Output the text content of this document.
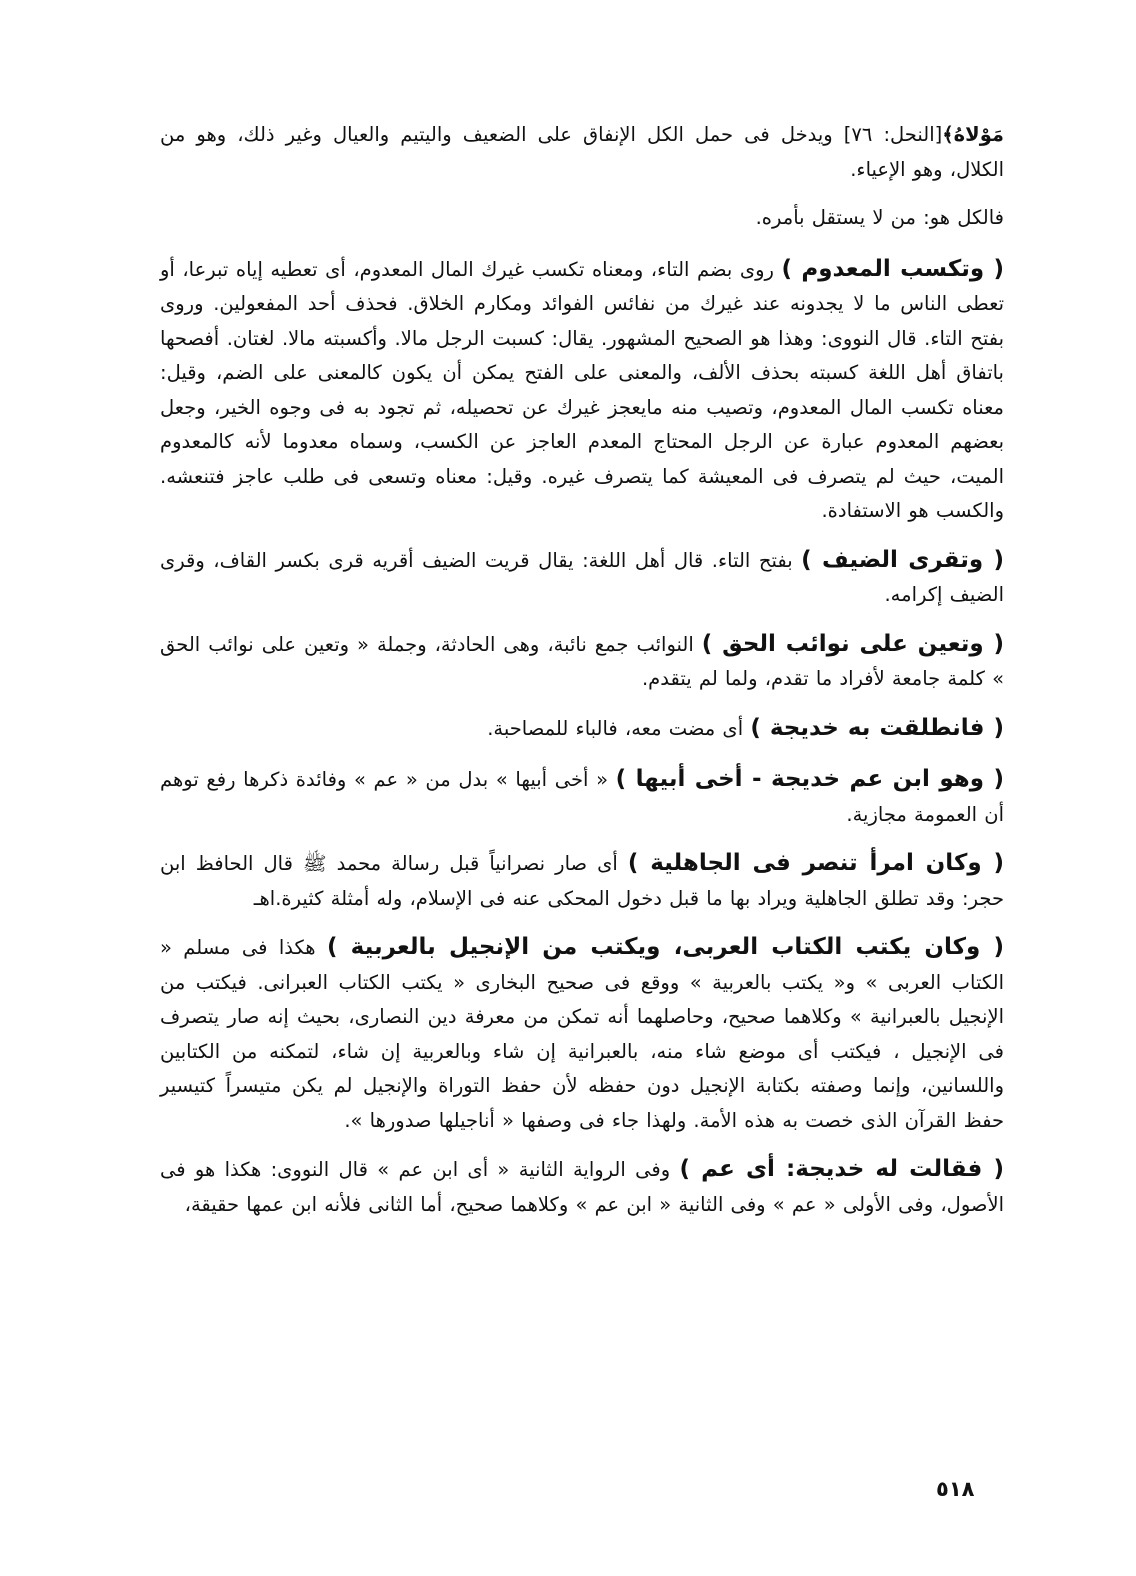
مَوْلاهُ﴾[النحل: ٧٦] ويدخل فى حمل الكل الإنفاق على الضعيف واليتيم والعيال وغير ذلك، وهو من الكلال، وهو الإعياء.

فالكل هو: من لا يستقل بأمره.

( وتكسب المعدوم ) روى بضم التاء، ومعناه تكسب غيرك المال المعدوم، أى تعطيه إياه تبرعا، أو تعطى الناس ما لا يجدونه عند غيرك من نفائس الفوائد ومكارم الخلاق. فحذف أحد المفعولين. وروى بفتح التاء. قال النووى: وهذا هو الصحيح المشهور. يقال: كسبت الرجل مالا. وأكسبته مالا. لغتان. أفصحها باتفاق أهل اللغة كسبته بحذف الألف، والمعنى على الفتح يمكن أن يكون كالمعنى على الضم، وقيل: معناه تكسب المال المعدوم، وتصيب منه مايعجز غيرك عن تحصيله، ثم تجود به فى وجوه الخير، وجعل بعضهم المعدوم عبارة عن الرجل المحتاج المعدم العاجز عن الكسب، وسماه معدوما لأنه كالمعدوم الميت، حيث لم يتصرف فى المعيشة كما يتصرف غيره. وقيل: معناه وتسعى فى طلب عاجز فتنعشه. والكسب هو الاستفادة.

( وتقرى الضيف ) بفتح التاء. قال أهل اللغة: يقال قريت الضيف أقريه قرى بكسر القاف، وقرى الضيف إكرامه.

( وتعين على نوائب الحق ) النوائب جمع نائبة، وهى الحادثة، وجملة « وتعين على نوائب الحق » كلمة جامعة لأفراد ما تقدم، ولما لم يتقدم.

( فانطلقت به خديجة ) أى مضت معه، فالباء للمصاحبة.

( وهو ابن عم خديجة - أخى أبيها ) « أخى أبيها » بدل من « عم » وفائدة ذكرها رفع توهم أن العمومة مجازية.

( وكان امرأ تنصر فى الجاهلية ) أى صار نصرانياً قبل رسالة محمد ﷺ قال الحافظ ابن حجر: وقد تطلق الجاهلية ويراد بها ما قبل دخول المحكى عنه فى الإسلام، وله أمثلة كثيرة.اهـ

( وكان يكتب الكتاب العربى، ويكتب من الإنجيل بالعربية ) هكذا فى مسلم « الكتاب العربى » و« يكتب بالعربية » ووقع فى صحيح البخارى « يكتب الكتاب العبرانى. فيكتب من الإنجيل بالعبرانية » وكلاهما صحيح، وحاصلهما أنه تمكن من معرفة دين النصارى، بحيث إنه صار يتصرف فى الإنجيل ، فيكتب أى موضع شاء منه، بالعبرانية إن شاء وبالعربية إن شاء، لتمكنه من الكتابين واللسانين، وإنما وصفته بكتابة الإنجيل دون حفظه لأن حفظ التوراة والإنجيل لم يكن متيسراً كتيسير حفظ القرآن الذى خصت به هذه الأمة. ولهذا جاء فى وصفها « أناجيلها صدورها ».

( فقالت له خديجة: أى عم ) وفى الرواية الثانية « أى ابن عم » قال النووى: هكذا هو فى الأصول، وفى الأولى « عم » وفى الثانية « ابن عم » وكلاهما صحيح، أما الثانى فلأنه ابن عمها حقيقة،

٥١٨
